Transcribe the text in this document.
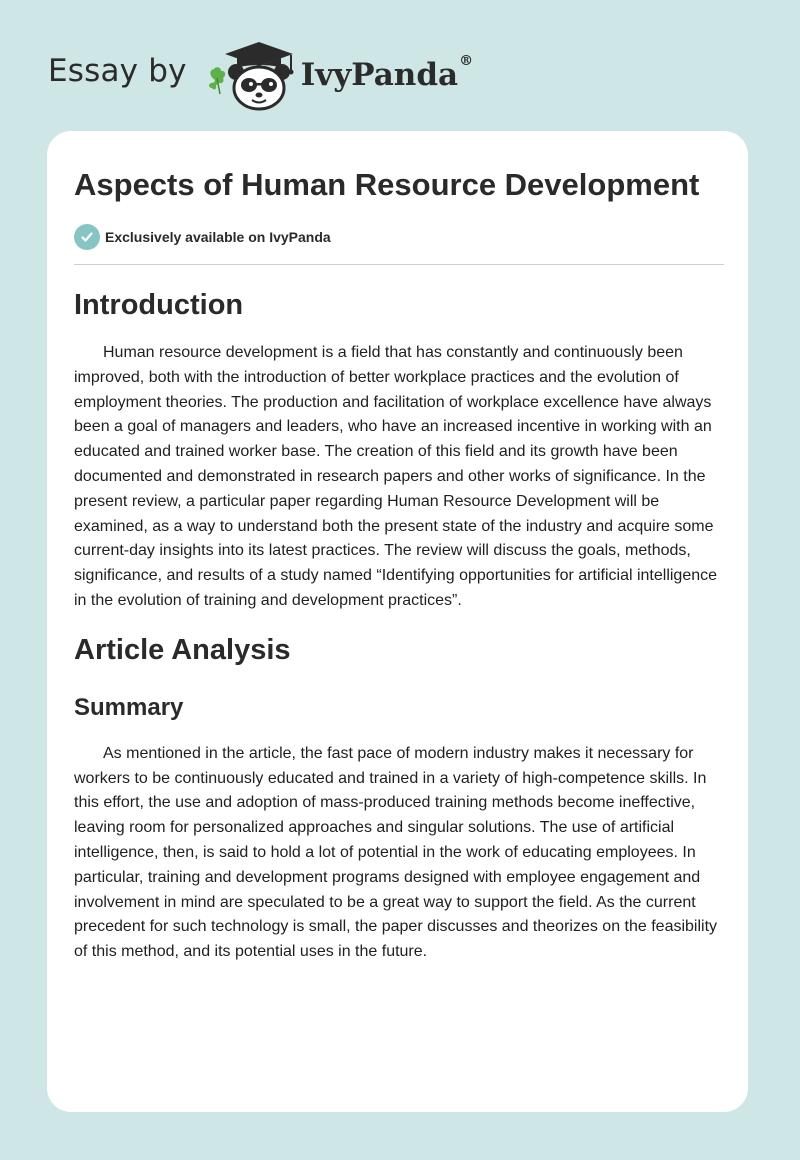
Essay by	IvyPanda®
Aspects of Human Resource Development
Exclusively available on IvyPanda
Introduction

Human resource development is a field that has constantly and continuously been improved, both with the introduction of better workplace practices and the evolution of employment theories. The production and facilitation of workplace excellence have always been a goal of managers and leaders, who have an increased incentive in working with an educated and trained worker base. The creation of this field and its growth have been documented and demonstrated in research papers and other works of significance. In the present review, a particular paper regarding Human Resource Development will be examined, as a way to understand both the present state of the industry and acquire some current-day insights into its latest practices. The review will discuss the goals, methods, significance, and results of a study named “Identifying opportunities for artificial intelligence in the evolution of training and development practices”.

Article Analysis
Summary

As mentioned in the article, the fast pace of modern industry makes it necessary for workers to be continuously educated and trained in a variety of high-competence skills. In this effort, the use and adoption of mass-produced training methods become ineffective, leaving room for personalized approaches and singular solutions. The use of artificial intelligence, then, is said to hold a lot of potential in the work of educating employees. In particular, training and development programs designed with employee engagement and involvement in mind are speculated to be a great way to support the field. As the current precedent for such technology is small, the paper discusses and theorizes on the feasibility of this method, and its potential uses in the future.
